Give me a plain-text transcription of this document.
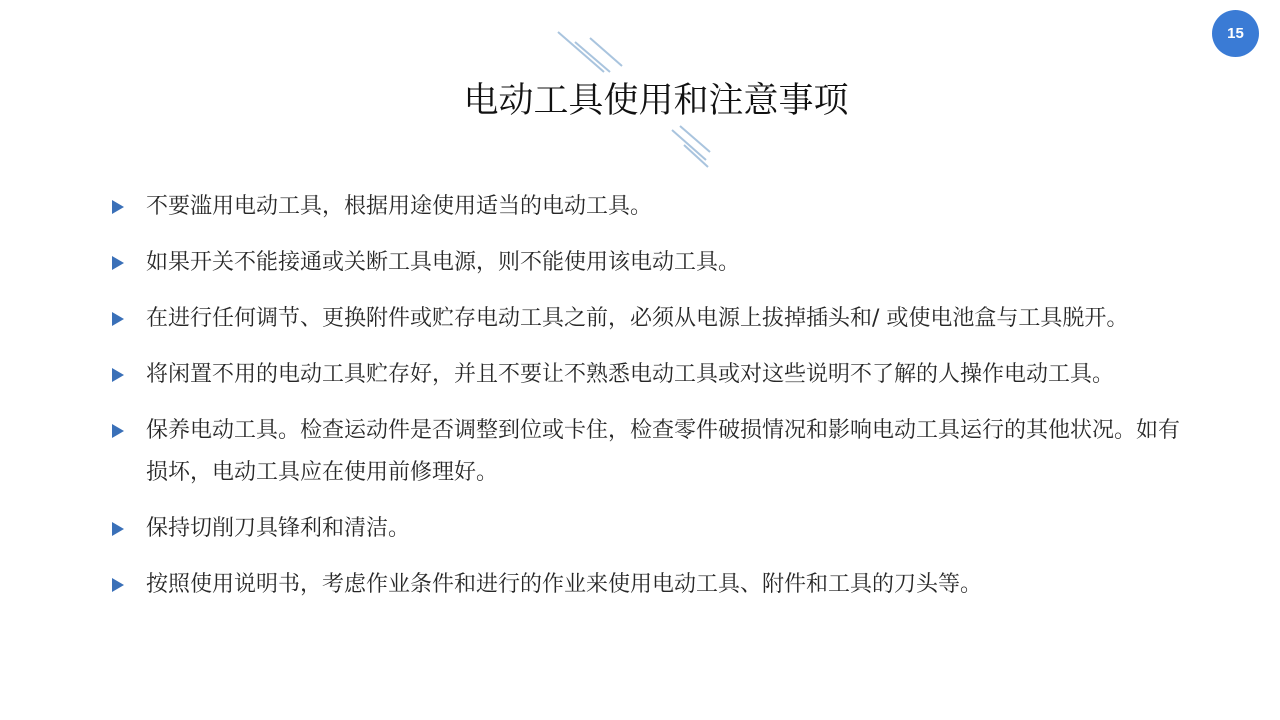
15
电动工具使用和注意事项
不要滥用电动工具，根据用途使用适当的电动工具。
如果开关不能接通或关断工具电源，则不能使用该电动工具。
在进行任何调节、更换附件或贮存电动工具之前，必须从电源上拔掉插头和/ 或使电池盒与工具脱开。
将闲置不用的电动工具贮存好，并且不要让不熟悉电动工具或对这些说明不了解的人操作电动工具。
保养电动工具。检查运动件是否调整到位或卡住，检查零件破损情况和影响电动工具运行的其他状况。如有损坏，电动工具应在使用前修理好。
保持切削刀具锋利和清洁。
按照使用说明书，考虑作业条件和进行的作业来使用电动工具、附件和工具的刀头等。
